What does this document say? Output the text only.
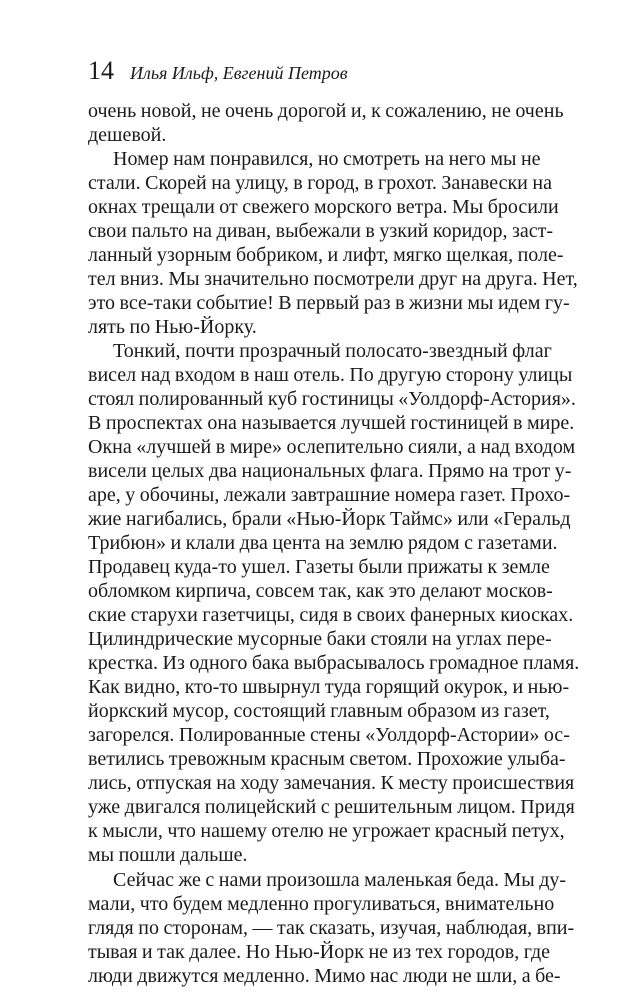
14 Илья Ильф, Евгений Петров
очень новой, не очень дорогой и, к сожалению, не очень
дешевой.
Номер нам понравился, но смотреть на него мы не
стали. Скорей на улицу, в город, в грохот. Занавески на
окнах трещали от свежего морского ветра. Мы бросили
свои пальто на диван, выбежали в узкий коридор, заст-
ланный узорным бобриком, и лифт, мягко щелкая, поле-
тел вниз. Мы значительно посмотрели друг на друга. Нет,
это все-таки событие! В первый раз в жизни мы идем гу-
лять по Нью-Йорку.
Тонкий, почти прозрачный полосато-звездный флаг
висел над входом в наш отель. По другую сторону улицы
стоял полированный куб гостиницы «Уолдорф-Астория».
В проспектах она называется лучшей гостиницей в мире.
Окна «лучшей в мире» ослепительно сияли, а над входом
висели целых два национальных флага. Прямо на трот у-
аре, у обочины, лежали завтрашние номера газет. Прохо-
жие нагибались, брали «Нью-Йорк Таймс» или «Геральд
Трибюн» и клали два цента на землю рядом с газетами.
Продавец куда-то ушел. Газеты были прижаты к земле
обломком кирпича, совсем так, как это делают москов-
ские старухи газетчицы, сидя в своих фанерных киосках.
Цилиндрические мусорные баки стояли на углах пере-
крестка. Из одного бака выбрасывалось громадное пламя.
Как видно, кто-то швырнул туда горящий окурок, и нью-
йоркский мусор, состоящий главным образом из газет,
загорелся. Полированные стены «Уолдорф-Астории» ос-
ветились тревожным красным светом. Прохожие улыба-
лись, отпуская на ходу замечания. К месту происшествия
уже двигался полицейский с решительным лицом. Придя
к мысли, что нашему отелю не угрожает красный петух,
мы пошли дальше.
Сейчас же с нами произошла маленькая беда. Мы ду-
мали, что будем медленно прогуливаться, внимательно
глядя по сторонам, — так сказать, изучая, наблюдая, впи-
тывая и так далее. Но Нью-Йорк не из тех городов, где
люди движутся медленно. Мимо нас люди не шли, а бе-
